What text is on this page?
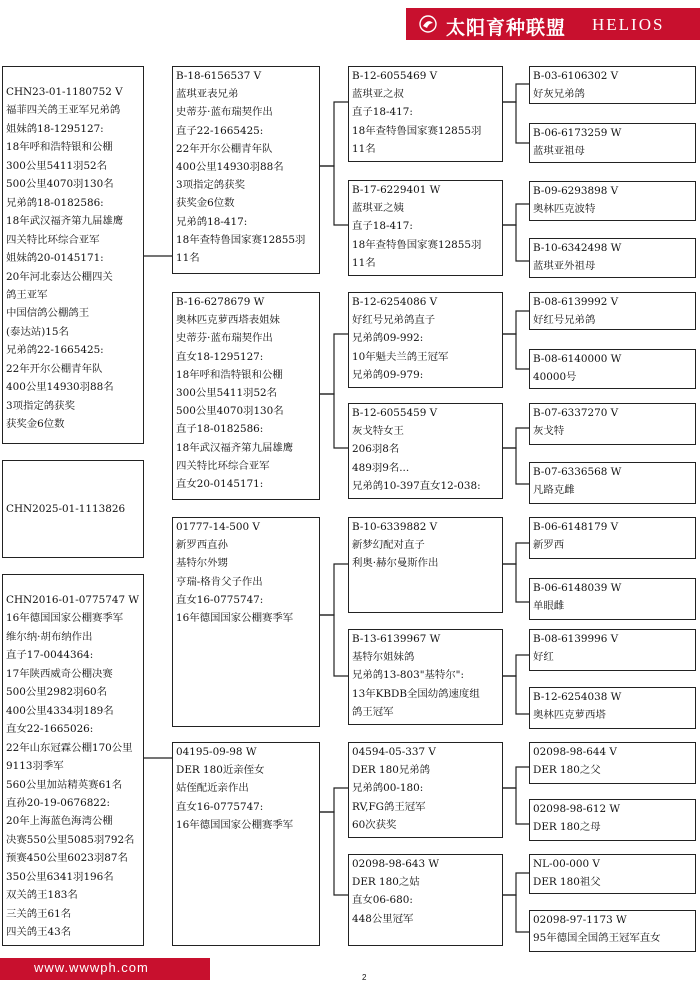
太阳育种联盟 HELIOS
CHN23-01-1180752 V
福菲四关鸽王亚军兄弟鸽
姐妹鸽18-1295127:
18年呼和浩特银和公棚
300公里5411羽52名
500公里4070羽130名
兄弟鸽18-0182586:
18年武汉福齐第九届雄鹰
四关特比环综合亚军
姐妹鸽20-0145171:
20年河北泰达公棚四关
鸽王亚军
中国信鸽公棚鸽王
(泰达站)15名
兄弟鸽22-1665425:
22年开尔公棚青年队
400公里14930羽88名
3项指定鸽获奖
获奖金6位数
CHN2025-01-1113826
CHN2016-01-0775747 W
16年德国国家公棚赛季军
维尔纳·胡布纳作出
直子17-0044364:
17年陕西威奇公棚决赛
500公里2982羽60名
400公里4334羽189名
直女22-1665026:
22年山东冠霖公棚170公里
9113羽季军
560公里加站精英赛61名
直孙20-19-0676822:
20年上海蓝色海湾公棚
决赛550公里5085羽792名
预赛450公里6023羽87名
350公里6341羽196名
双关鸽王183名
三关鸽王61名
四关鸽王43名
B-18-6156537 V
蓝琪亚表兄弟
史蒂芬·蓝布瑞契作出
直子22-1665425:
22年开尔公棚青年队
400公里14930羽88名
3项指定鸽获奖
获奖金6位数
兄弟鸽18-417:
18年查特鲁国家赛12855羽
11名
B-16-6278679 W
奥林匹克萝西塔表姐妹
史蒂芬·蓝布瑞契作出
直女18-1295127:
18年呼和浩特银和公棚
300公里5411羽52名
500公里4070羽130名
直子18-0182586:
18年武汉福齐第九届雄鹰
四关特比环综合亚军
直女20-0145171:
01777-14-500 V
新罗西直孙
基特尔外甥
亨瑞-格肯父子作出
直女16-0775747:
16年德国国家公棚赛季军
04195-09-98 W
DER 180近亲侄女
姑侄配近亲作出
直女16-0775747:
16年德国国家公棚赛季军
B-12-6055469 V
蓝琪亚之叔
直子18-417:
18年查特鲁国家赛12855羽
11名
B-17-6229401 W
蓝琪亚之姨
直子18-417:
18年查特鲁国家赛12855羽
11名
B-12-6254086 V
好红号兄弟鸽直子
兄弟鸽09-992:
10年魁夫兰鸽王冠军
兄弟鸽09-979:
B-12-6055459 V
灰戈特女王
206羽8名
489羽9名...
兄弟鸽10-397直女12-038:
B-10-6339882 V
新梦幻配对直子
利奥·赫尔曼斯作出
B-13-6139967 W
基特尔姐妹鸽
兄弟鸽13-803"基特尔":
13年KBDB全国幼鸽速度组
鸽王冠军
04594-05-337 V
DER 180兄弟鸽
兄弟鸽00-180:
RV,FG鸽王冠军
60次获奖
02098-98-643 W
DER 180之姑
直女06-680:
448公里冠军
B-03-6106302 V
好灰兄弟鸽
B-06-6173259 W
蓝琪亚祖母
B-09-6293898 V
奥林匹克波特
B-10-6342498 W
蓝琪亚外祖母
B-08-6139992 V
好红号兄弟鸽
B-08-6140000 W
40000号
B-07-6337270 V
灰戈特
B-07-6336568 W
凡路克雌
B-06-6148179 V
新罗西
B-06-6148039 W
单眼雌
B-08-6139996 V
好红
B-12-6254038 W
奥林匹克萝西塔
02098-98-644 V
DER 180之父
02098-98-612 W
DER 180之母
NL-00-000 V
DER 180祖父
02098-97-1173 W
95年德国全国鸽王冠军直女
www.wwwph.com
2
